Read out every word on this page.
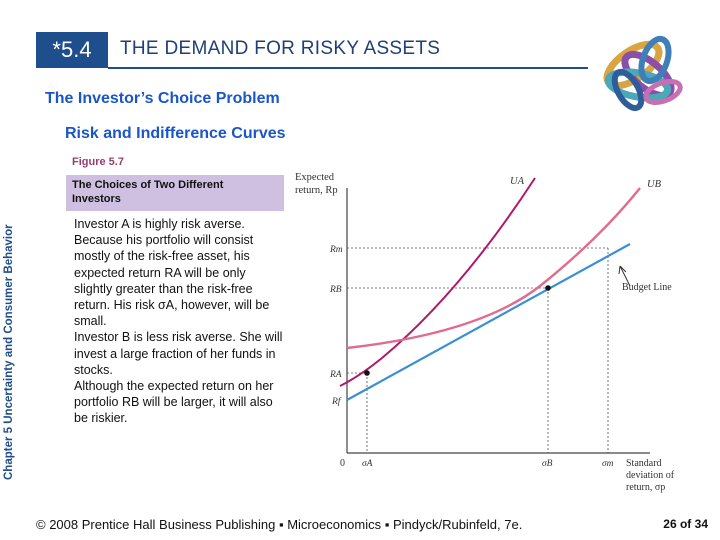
*5.4	THE DEMAND FOR RISKY ASSETS
The Investor’s Choice Problem
Risk and Indifference Curves
Figure 5.7
Chapter 5 Uncertainty and Consumer Behavior
The Choices of Two Different Investors

Investor A is highly risk averse. Because his portfolio will consist mostly of the risk-free asset, his expected return RA will be only slightly greater than the risk-free return. His risk σA, however, will be small.

Investor B is less risk averse. She will invest a large fraction of her funds in stocks.

Although the expected return on her portfolio RB will be larger, it will also be riskier.

Expected
return, Rp
Standard
deviation of
return, σp
0
UA	UB
Budget Line
Rm
RB
RA
Rf
σA	σB	σm
© 2008 Prentice Hall Business Publishing ▪ Microeconomics ▪ Pindyck/Rubinfeld, 7e.	26 of 34
